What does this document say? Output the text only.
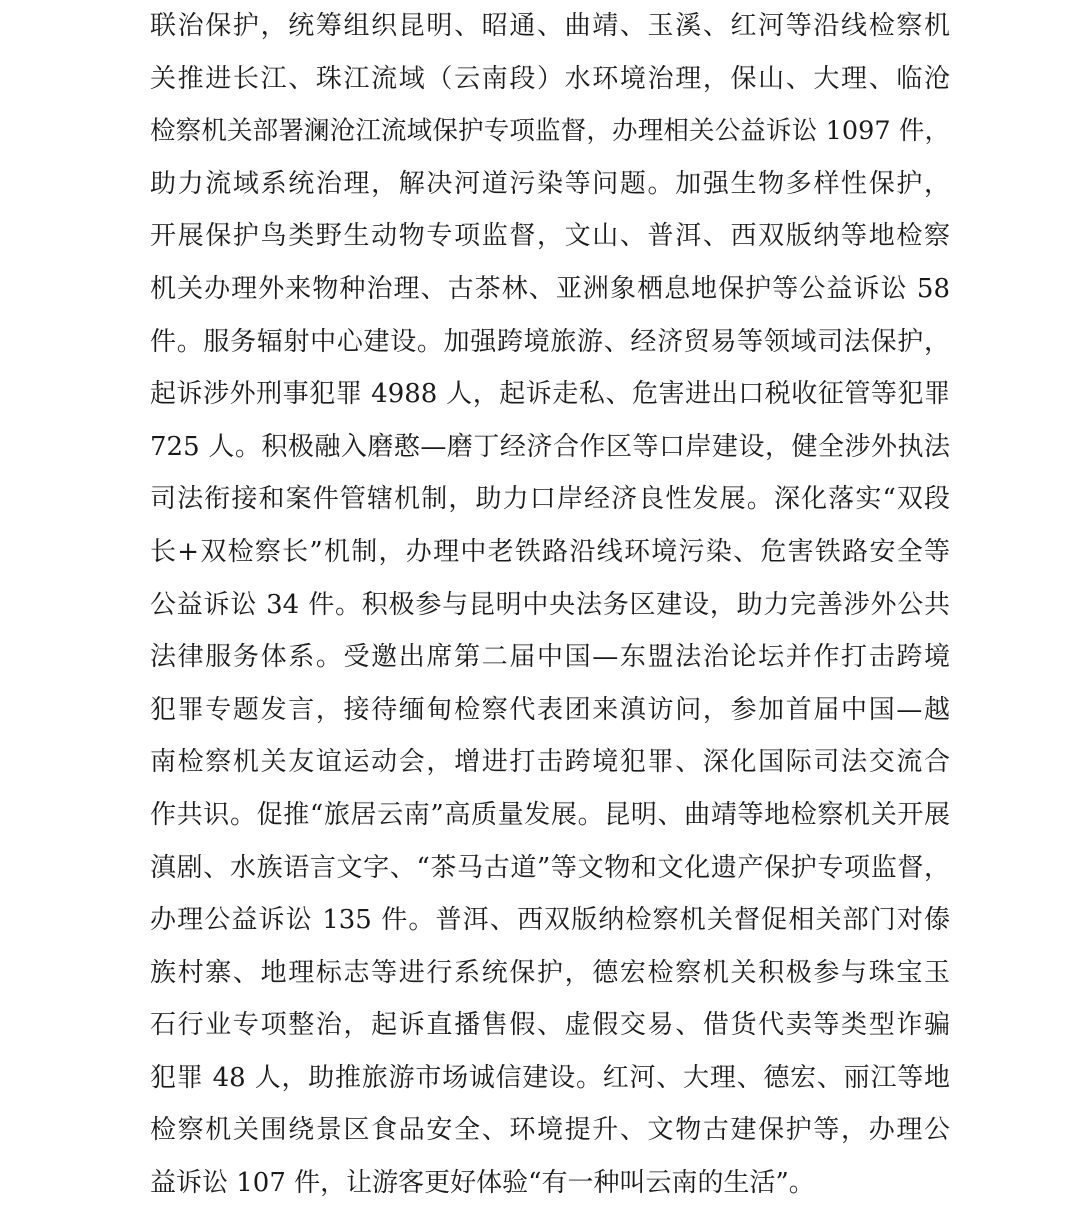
联治保护，统筹组织昆明、昭通、曲靖、玉溪、红河等沿线检察机
关推进长江、珠江流域（云南段）水环境治理，保山、大理、临沧
检察机关部署澜沧江流域保护专项监督，办理相关公益诉讼 1097 件，
助力流域系统治理，解决河道污染等问题。加强生物多样性保护，
开展保护鸟类野生动物专项监督，文山、普洱、西双版纳等地检察
机关办理外来物种治理、古茶林、亚洲象栖息地保护等公益诉讼 58
件。服务辐射中心建设。加强跨境旅游、经济贸易等领域司法保护，
起诉涉外刑事犯罪 4988 人，起诉走私、危害进出口税收征管等犯罪
725 人。积极融入磨憨—磨丁经济合作区等口岸建设，健全涉外执法
司法衔接和案件管辖机制，助力口岸经济良性发展。深化落实“双段
长+双检察长”机制，办理中老铁路沿线环境污染、危害铁路安全等
公益诉讼 34 件。积极参与昆明中央法务区建设，助力完善涉外公共
法律服务体系。受邀出席第二届中国—东盟法治论坛并作打击跨境
犯罪专题发言，接待缅甸检察代表团来滇访问，参加首届中国—越
南检察机关友谊运动会，增进打击跨境犯罪、深化国际司法交流合
作共识。促推“旅居云南”高质量发展。昆明、曲靖等地检察机关开展
滇剧、水族语言文字、“茶马古道”等文物和文化遗产保护专项监督，
办理公益诉讼 135 件。普洱、西双版纳检察机关督促相关部门对傣
族村寨、地理标志等进行系统保护，德宏检察机关积极参与珠宝玉
石行业专项整治，起诉直播售假、虚假交易、借货代卖等类型诈骗
犯罪 48 人，助推旅游市场诚信建设。红河、大理、德宏、丽江等地
检察机关围绕景区食品安全、环境提升、文物古建保护等，办理公
益诉讼 107 件，让游客更好体验“有一种叫云南的生活”。
